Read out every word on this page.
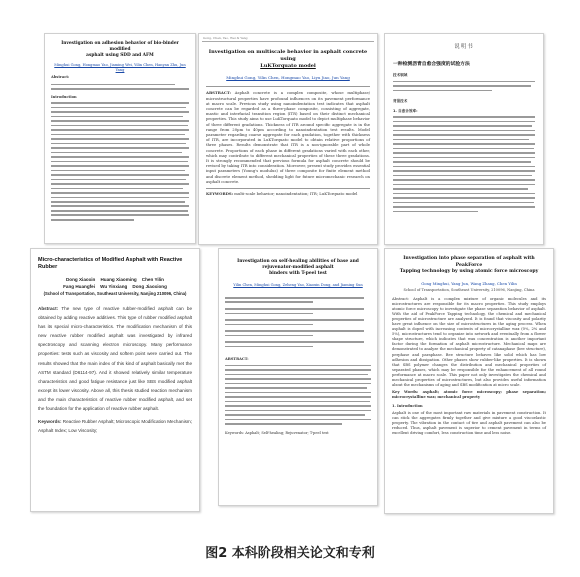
Investigation on adhesion behavior of bio-binder modified
asphalt using SDD and AFM
Minghui Gong, Hongmao Yao, Jiaming Wei, Yilin Chen, Hanyan Zhu, Jun Yang
Abstract:
Introduction
Gong, Chen, Yao, Wei & Yang
Investigation on multiscale behavior in asphalt concrete using
LuKTorquato model
Minghui Gong, Yilin Chen, Hongmao Yao, Liyu Jiao, Jun Yang
ABSTRACT: Asphalt concrete is a complex composite, whose multiphase/ microstructural properties have profound influences on its pavement performance at macro scale. Previous study using nanoindentation test indicates that asphalt concrete can be regarded as a three-phase composite, consisting of aggregate, mastic and interfacial transition region (ITR) based on their distinct mechanical properties. This study aims to use LuKTorquato model to depict multiphase behavior of three different gradations. Thickness of ITR around specific aggregate is in the range from 20µm to 40µm according to nanoindentation test results. Model parameter regarding coarse aggregate for each gradation, together with thickness of ITR, are incorporated in LuKTorquato model to obtain relative proportions of three phases. Results demonstrate that ITR is a non-ignorable part of whole concrete. Proportions of each phase in different gradations varied with each other, which may contribute to different mechanical properties of these three gradations. It is strongly recommended that previous formula for asphalt concrete should be revised by taking ITR into consideration. Moreover, present study provides essential input parameters (Young's modulus) of three composite for finite element method and discrete element method, shedding light for future micromechanic research on asphalt concrete.
KEYWORDS: multi-scale behavior; nanoindentation; ITR; LuKTorquato model
说明书
一种检测沥青自愈合强度的试验方法
技术领域
背景技术
1. 自愈合效率:
Micro-characteristics of Modified Asphalt with Reactive Rubber
Dong Xiaoxin    Huang Xiaoming    Chen Yilin
Fang Huangfei    Wu Yinxiang    Dong Jiaoxiong
(School of Transportation, Southeast University, Nanjing 210096, China)
Abstract: The new type of reactive rubber-modified asphalt can be obtained by adding reactive additives. This type of rubber modified asphalt has its special micro-characteristics. The modification mechanism of this new reactive rubber modified asphalt was investigated by infrared spectroscopy and scanning electron microscopy. Many performance properties: tests such as viscosity and softem point were carried out. The results showed that the main index of this kind of asphalt basically met the ASTM standard (D6114-97). And it showed relatively similar temperature characteristics and good fatigue resistance just like SBS modified asphalt except its lower viscosity. Above all, this thesis studied reaction mechanism and the main characteristics of reactive rubber modified asphalt, and set the foundation for the application of reactive rubber asphalt.
Keywords: Reactive Rubber Asphalt; Microscopic Modification Mechanism; Asphalt Index; Low Viscosity;
Investigation on self-healing abilities of base and rejuvenator-modified asphalt
binders with T-peel test
Yilin Chen, Minghui Gong, Zeheng Yao, Xiaoxin Dong, and Jiaming Sun
ABSTRACT:
Keywords: Asphalt; Self-healing; Rejuvenator; T-peel test
Investigation into phase separation of asphalt with PeakForce
Tapping technology by using atomic force microscopy
Gong Minghui, Yang Jun, Wang Zhang, Chen Yilin
School of Transportation, Southeast University, 210096, Nanjing, China
Abstract: Asphalt is a complex mixture of organic molecules and its microstructures are responsible for its macro properties. This study employs atomic force microscopy to investigate the phase separation behavior of asphalt. With the aid of PeakForce Tapping technology, the chemical and mechanical properties of microstructure are analyzed. It is found that viscosity and polarity have great influence on the size of microstructures in the aging process. When asphalt is doped with increasing contents of microcrystalline wax (0%, 2% and 5%), microstructures tend to organize into network and eventually from a flower shape structure, which indicates that wax concentration is another important factor during the formation of asphalt microstructure. Mechanical maps are demonstrated to analyze the mechanical property of catanaphase (bee structure), perphase and paraphase. Bee structure behaves like solid which has low adhesion and dissipation. Other phases show rubber-like properties. It is shown that SBS polymer changes the distribution and mechanical properties of separated phases, which may be responsible for the enhancement of all round performance at macro scale. This paper not only investigates the chemical and mechanical properties of microstructures, but also provides useful information about the mechanisms of aging and SBS modification at micro scale.
Key Words: asphalt; atomic force microscopy; phase separation; microcrystalline wax; mechanical property
1. Introduction
Asphalt is one of the most important raw materials in pavement construction. It can stick the aggregates firmly together and give mixture a good viscoelastic property. The vibration in the contact of tire and asphalt pavement can also be reduced. Thus, asphalt pavement is superior to cement pavement in terms of excellent driving comfort, less construction time and less noise.
图2 本科阶段相关论文和专利
